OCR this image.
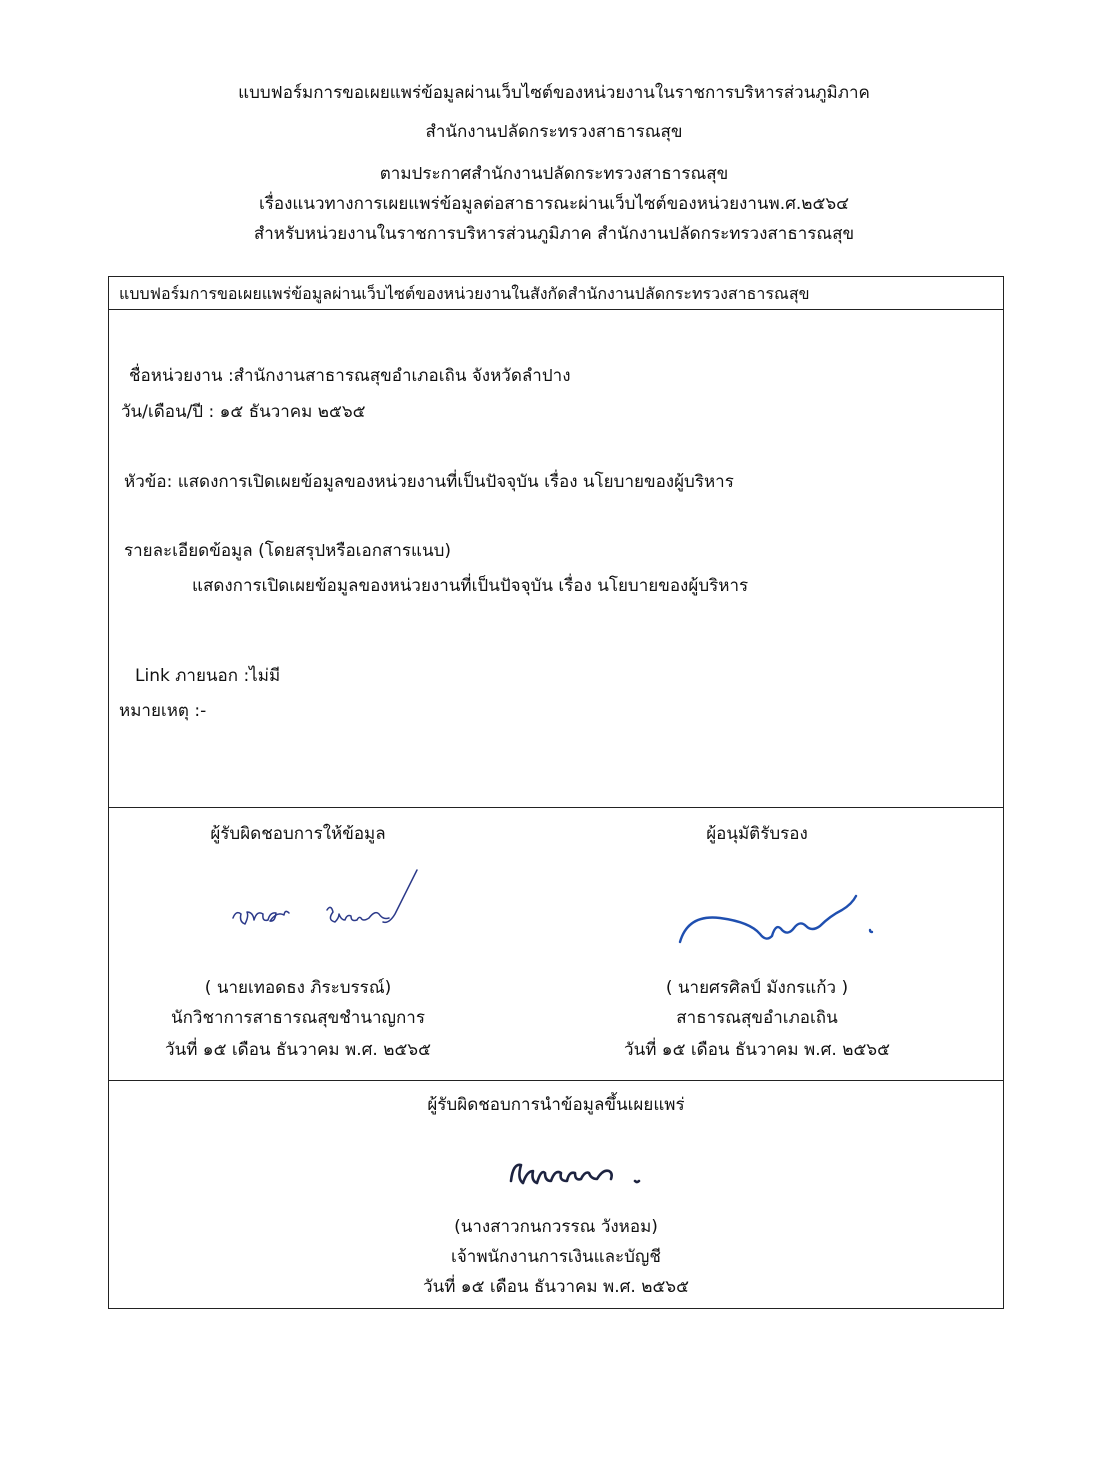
แบบฟอร์มการขอเผยแพร่ข้อมูลผ่านเว็บไซต์ของหน่วยงานในราชการบริหารส่วนภูมิภาค
สำนักงานปลัดกระทรวงสาธารณสุข
ตามประกาศสำนักงานปลัดกระทรวงสาธารณสุข
เรื่องแนวทางการเผยแพร่ข้อมูลต่อสาธารณะผ่านเว็บไซต์ของหน่วยงานพ.ศ.๒๕๖๔
สำหรับหน่วยงานในราชการบริหารส่วนภูมิภาค สำนักงานปลัดกระทรวงสาธารณสุข
แบบฟอร์มการขอเผยแพร่ข้อมูลผ่านเว็บไซต์ของหน่วยงานในสังกัดสำนักงานปลัดกระทรวงสาธารณสุข
ชื่อหน่วยงาน :สำนักงานสาธารณสุขอำเภอเถิน จังหวัดลำปาง
วัน/เดือน/ปี : ๑๕ ธันวาคม ๒๕๖๕
หัวข้อ: แสดงการเปิดเผยข้อมูลของหน่วยงานที่เป็นปัจจุบัน เรื่อง นโยบายของผู้บริหาร
รายละเอียดข้อมูล (โดยสรุปหรือเอกสารแนบ)
แสดงการเปิดเผยข้อมูลของหน่วยงานที่เป็นปัจจุบัน เรื่อง นโยบายของผู้บริหาร
Link ภายนอก :ไม่มี
หมายเหตุ :-
ผู้รับผิดชอบการให้ข้อมูล	ผู้อนุมัติรับรอง
( นายเทอดธง ภิระบรรณ์)
นักวิชาการสาธารณสุขชำนาญการ
วันที่ ๑๕ เดือน ธันวาคม พ.ศ. ๒๕๖๕
( นายศรศิลป์ มังกรแก้ว )
สาธารณสุขอำเภอเถิน
วันที่ ๑๕ เดือน ธันวาคม พ.ศ. ๒๕๖๕
ผู้รับผิดชอบการนำข้อมูลขึ้นเผยแพร่
(นางสาวกนกวรรณ วังหอม)
เจ้าพนักงานการเงินและบัญชี
วันที่ ๑๕ เดือน ธันวาคม พ.ศ. ๒๕๖๕
